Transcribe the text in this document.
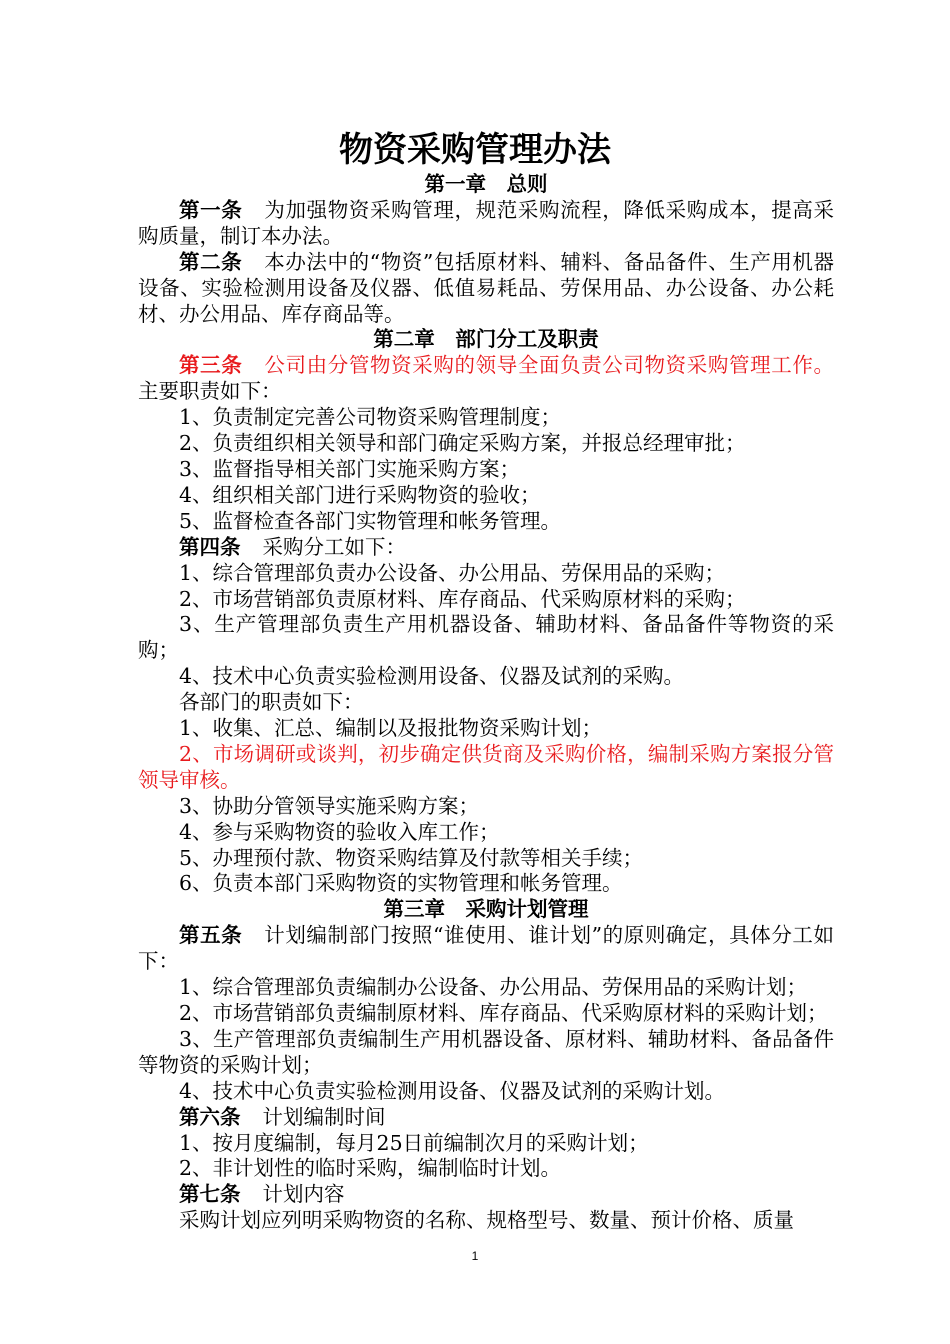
物资采购管理办法

第一章　总则

第一条 为加强物资采购管理，规范采购流程，降低采购成本，提高采购质量，制订本办法。

第二条 本办法中的“物资”包括原材料、辅料、备品备件、生产用机器设备、实验检测用设备及仪器、低值易耗品、劳保用品、办公设备、办公耗材、办公用品、库存商品等。

第二章　部门分工及职责

第三条 公司由分管物资采购的领导全面负责公司物资采购管理工作。主要职责如下：

1、负责制定完善公司物资采购管理制度；

2、负责组织相关领导和部门确定采购方案，并报总经理审批；

3、监督指导相关部门实施采购方案；

4、组织相关部门进行采购物资的验收；

5、监督检查各部门实物管理和帐务管理。

第四条 采购分工如下：

1、综合管理部负责办公设备、办公用品、劳保用品的采购；

2、市场营销部负责原材料、库存商品、代采购原材料的采购；

3、生产管理部负责生产用机器设备、辅助材料、备品备件等物资的采购；

4、技术中心负责实验检测用设备、仪器及试剂的采购。

各部门的职责如下：

1、收集、汇总、编制以及报批物资采购计划；

2、市场调研或谈判，初步确定供货商及采购价格，编制采购方案报分管领导审核。

3、协助分管领导实施采购方案；

4、参与采购物资的验收入库工作；

5、办理预付款、物资采购结算及付款等相关手续；

6、负责本部门采购物资的实物管理和帐务管理。

第三章　采购计划管理

第五条 计划编制部门按照“谁使用、谁计划”的原则确定，具体分工如下：

1、综合管理部负责编制办公设备、办公用品、劳保用品的采购计划；

2、市场营销部负责编制原材料、库存商品、代采购原材料的采购计划；

3、生产管理部负责编制生产用机器设备、原材料、辅助材料、备品备件等物资的采购计划；

4、技术中心负责实验检测用设备、仪器及试剂的采购计划。

第六条 计划编制时间

1、按月度编制，每月25日前编制次月的采购计划；

2、非计划性的临时采购，编制临时计划。

第七条 计划内容

采购计划应列明采购物资的名称、规格型号、数量、预计价格、质量

1
